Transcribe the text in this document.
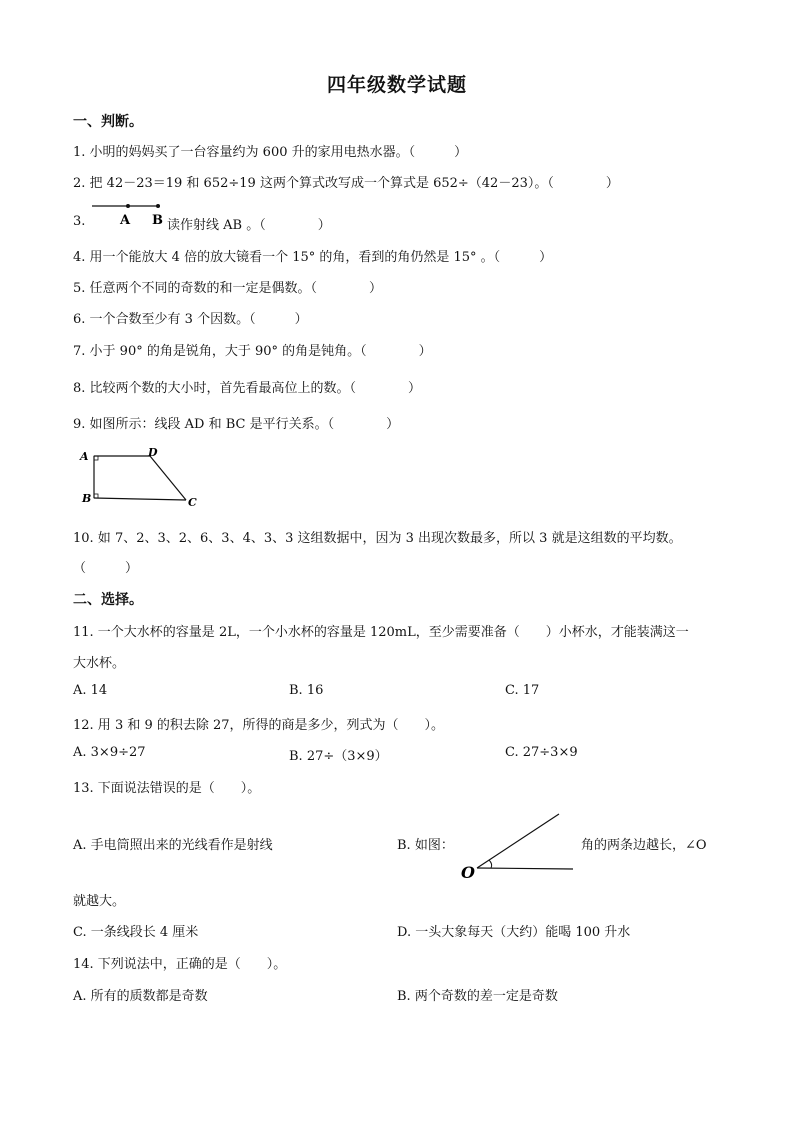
四年级数学试题
一、判断。
1. 小明的妈妈买了一台容量约为 600 升的家用电热水器。（　　　）
2. 把 42－23＝19 和 652÷19 这两个算式改写成一个算式是 652÷（42－23）。（　　　　）
3.	A B 读作射线 AB 。（　　　　）
4. 用一个能放大 4 倍的放大镜看一个 15° 的角，看到的角仍然是 15° 。（　　　）
5. 任意两个不同的奇数的和一定是偶数。（　　　　）
6. 一个合数至少有 3 个因数。（　　　）
7. 小于 90° 的角是锐角，大于 90° 的角是钝角。（　　　　）
8. 比较两个数的大小时，首先看最高位上的数。（　　　　）
9. 如图所示：线段 AD 和 BC 是平行关系。（　　　　）
A	D
B	C
10. 如 7、2、3、2、6、3、4、3、3 这组数据中，因为 3 出现次数最多，所以 3 就是这组数的平均数。
（　　　）
二、选择。
11. 一个大水杯的容量是 2L，一个小水杯的容量是 120mL，至少需要准备（　　）小杯水，才能装满这一
大水杯。
A. 14	B. 16	C. 17
12. 用 3 和 9 的积去除 27，所得的商是多少，列式为（　　）。
A. 3×9÷27	B. 27÷（3×9）	C. 27÷3×9
13. 下面说法错误的是（　　）。
A. 手电筒照出来的光线看作是射线	B. 如图：
O
角的两条边越长，∠O
就越大。
C. 一条线段长 4 厘米	D. 一头大象每天（大约）能喝 100 升水
14. 下列说法中，正确的是（　　）。
A. 所有的质数都是奇数	B. 两个奇数的差一定是奇数
